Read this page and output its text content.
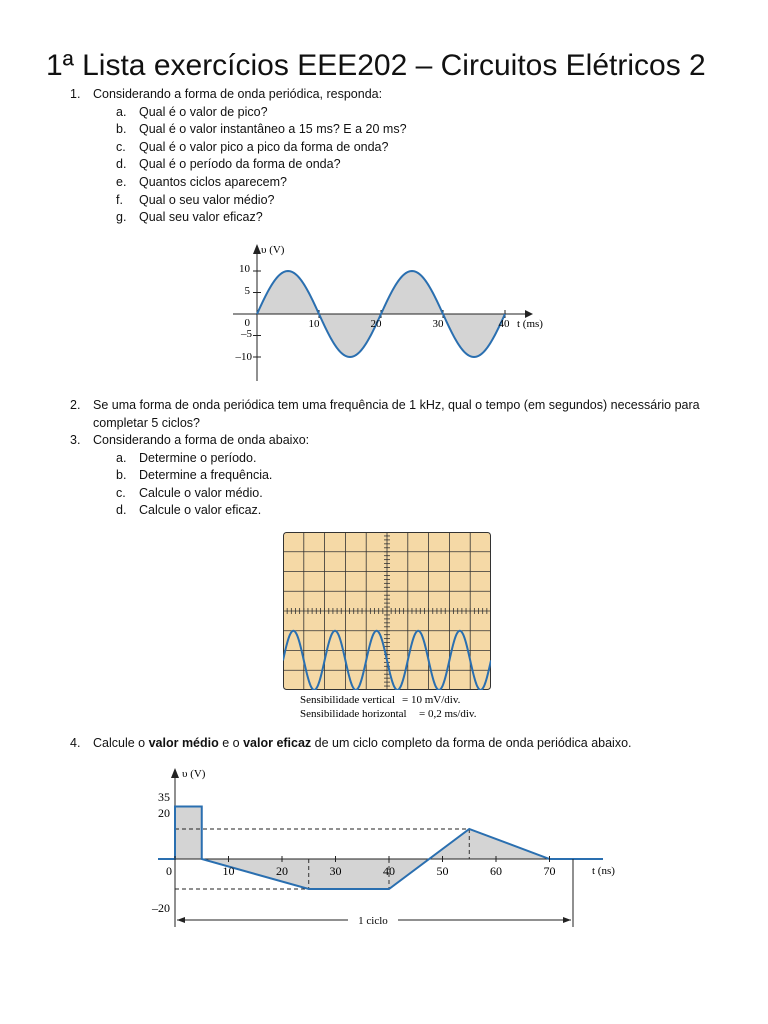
1ª Lista exercícios EEE202 – Circuitos Elétricos 2
1. Considerando a forma de onda periódica, responda:
a. Qual é o valor de pico?
b. Qual é o valor instantâneo a 15 ms? E a 20 ms?
c. Qual é o valor pico a pico da forma de onda?
d. Qual é o período da forma de onda?
e. Quantos ciclos aparecem?
f. Qual o seu valor médio?
g. Qual seu valor eficaz?
υ (V)
t (ms)
10
5
0
–5
–10
10	20	30	40
2. Se uma forma de onda periódica tem uma frequência de 1 kHz, qual o tempo (em segundos) necessário para completar 5 ciclos?
3. Considerando a forma de onda abaixo:
a. Determine o período.
b. Determine a frequência.
c. Calcule o valor médio.
d. Calcule o valor eficaz.
Sensibilidade vertical = 10 mV/div.
Sensibilidade horizontal = 0,2 ms/div.
4. Calcule o valor médio e o valor eficaz de um ciclo completo da forma de onda periódica abaixo.
υ (V)
t (ns)
35
20
–20
0	10	20	30	40	50	60	70
1 ciclo
